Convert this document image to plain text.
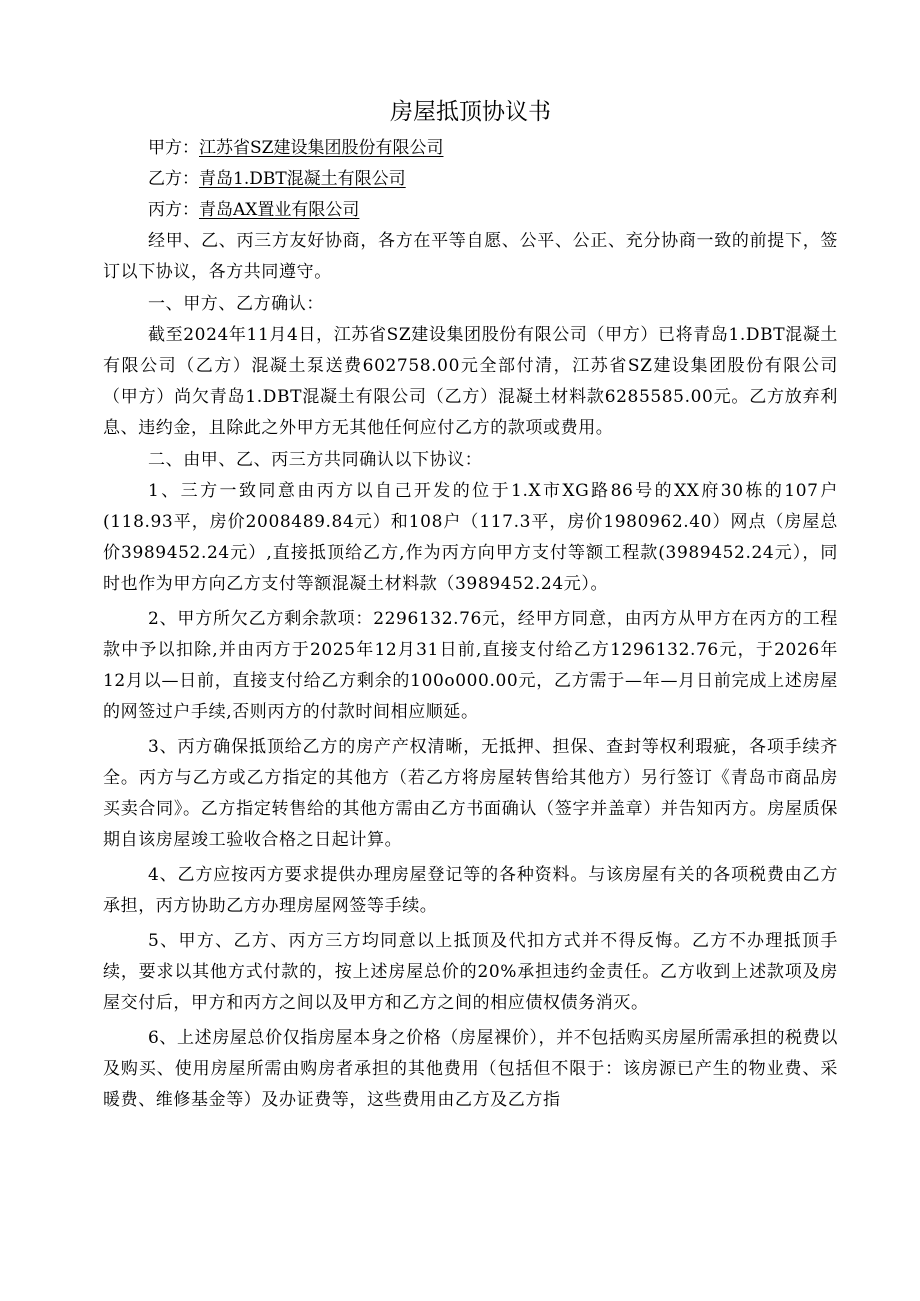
房屋抵顶协议书

甲方：江苏省SZ建设集团股份有限公司

乙方：青岛1.DBT混凝土有限公司

丙方：青岛AX置业有限公司

经甲、乙、丙三方友好协商，各方在平等自愿、公平、公正、充分协商一致的前提下，签订以下协议，各方共同遵守。

一、甲方、乙方确认：

截至2024年11月4日，江苏省SZ建设集团股份有限公司（甲方）已将青岛1.DBT混凝土有限公司（乙方）混凝土泵送费602758.00元全部付清，江苏省SZ建设集团股份有限公司（甲方）尚欠青岛1.DBT混凝土有限公司（乙方）混凝土材料款6285585.00元。乙方放弃利息、违约金，且除此之外甲方无其他任何应付乙方的款项或费用。

二、由甲、乙、丙三方共同确认以下协议：

1、三方一致同意由丙方以自己开发的位于1.X市XG路86号的XX府30栋的107户(118.93平，房价2008489.84元）和108户（117.3平，房价1980962.40）网点（房屋总价3989452.24元）,直接抵顶给乙方,作为丙方向甲方支付等额工程款(3989452.24元），同时也作为甲方向乙方支付等额混凝土材料款（3989452.24元）。

2、甲方所欠乙方剩余款项：2296132.76元，经甲方同意，由丙方从甲方在丙方的工程款中予以扣除,并由丙方于2025年12月31日前,直接支付给乙方1296132.76元，于2026年12月以—日前，直接支付给乙方剩余的100o000.00元，乙方需于—年—月日前完成上述房屋的网签过户手续,否则丙方的付款时间相应顺延。

3、丙方确保抵顶给乙方的房产产权清晰，无抵押、担保、查封等权利瑕疵，各项手续齐全。丙方与乙方或乙方指定的其他方（若乙方将房屋转售给其他方）另行签订《青岛市商品房买卖合同》。乙方指定转售给的其他方需由乙方书面确认（签字并盖章）并告知丙方。房屋质保期自该房屋竣工验收合格之日起计算。

4、乙方应按丙方要求提供办理房屋登记等的各种资料。与该房屋有关的各项税费由乙方承担，丙方协助乙方办理房屋网签等手续。

5、甲方、乙方、丙方三方均同意以上抵顶及代扣方式并不得反悔。乙方不办理抵顶手续，要求以其他方式付款的，按上述房屋总价的20%承担违约金责任。乙方收到上述款项及房屋交付后，甲方和丙方之间以及甲方和乙方之间的相应债权债务消灭。

6、上述房屋总价仅指房屋本身之价格（房屋裸价），并不包括购买房屋所需承担的税费以及购买、使用房屋所需由购房者承担的其他费用（包括但不限于：该房源已产生的物业费、采暖费、维修基金等）及办证费等，这些费用由乙方及乙方指
